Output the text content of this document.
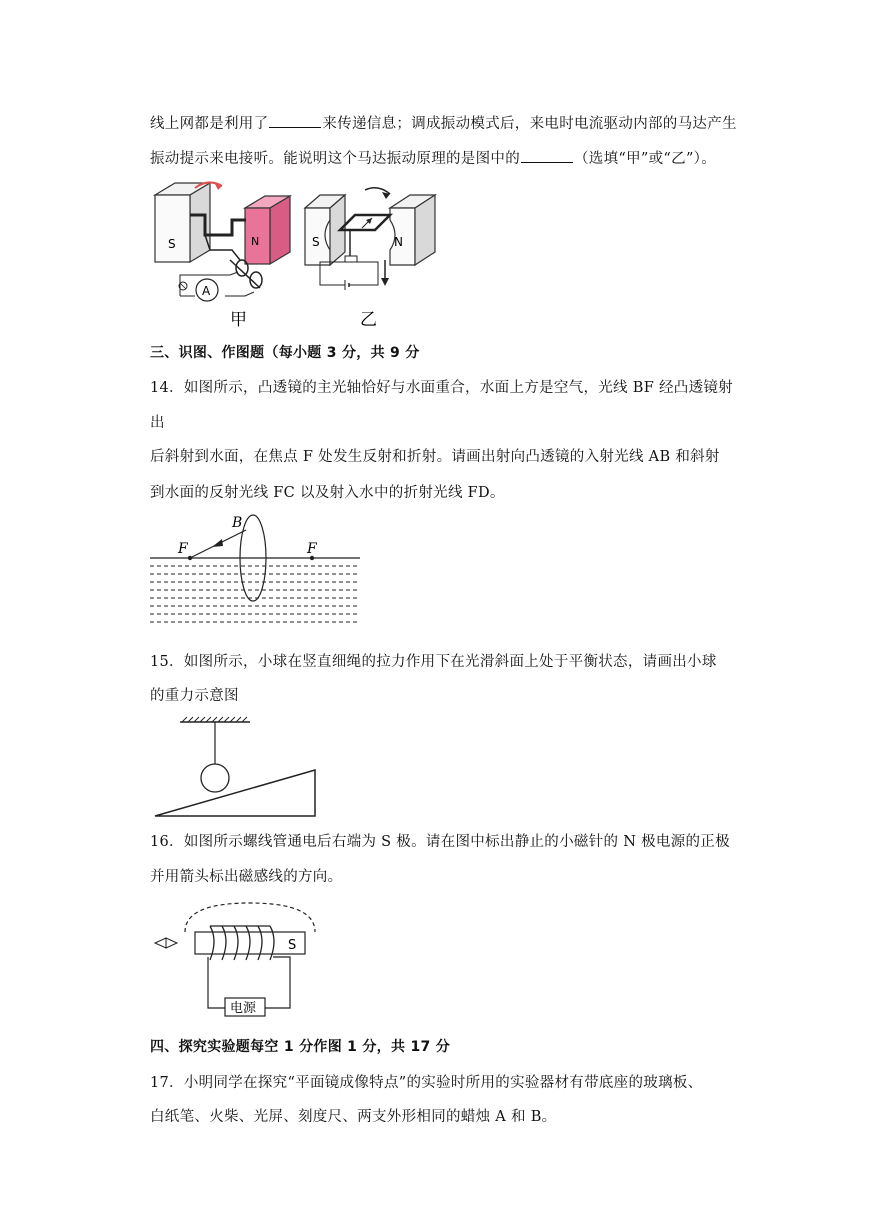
线上网都是利用了	来传递信息；调成振动模式后，来电时电流驱动内部的马达产生
振动提示来电接听。能说明这个马达振动原理的是图中的	（选填“甲”或“乙”）。
S	N
A
甲
S	N
乙
三、识图、作图题（每小题 3 分，共 9 分
14．如图所示，凸透镜的主光轴恰好与水面重合，水面上方是空气，光线 BF 经凸透镜射
出
后斜射到水面，在焦点 F 处发生反射和折射。请画出射向凸透镜的入射光线 AB 和斜射
到水面的反射光线 FC 以及射入水中的折射光线 FD。
B
F	F
15．如图所示，小球在竖直细绳的拉力作用下在光滑斜面上处于平衡状态，请画出小球
的重力示意图
16．如图所示螺线管通电后右端为 S 极。请在图中标出静止的小磁针的 N 极电源的正极
并用箭头标出磁感线的方向。
S
电源
四、探究实验题每空 1 分作图 1 分，共 17 分
17．小明同学在探究“平面镜成像特点”的实验时所用的实验器材有带底座的玻璃板、
白纸笔、火柴、光屏、刻度尺、两支外形相同的蜡烛 A 和 B。
